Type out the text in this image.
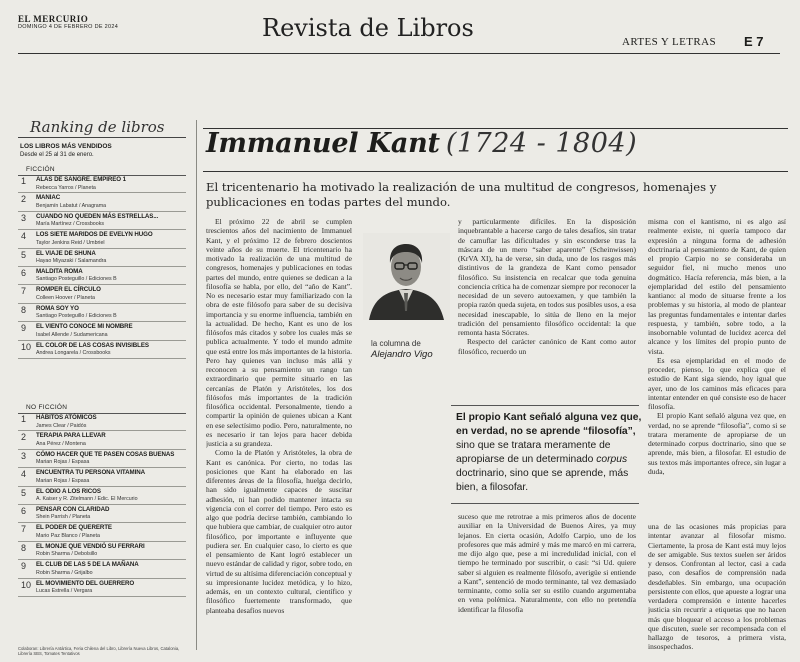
EL MERCURIO
DOMINGO 4 DE FEBRERO DE 2024	Revista de Libros	ARTES Y LETRAS E 7
Ranking de libros
LOS LIBROS MÁS VENDIDOS
Desde el 25 al 31 de enero.
FICCIÓN
1 ALAS DE SANGRE. EMPIREO 1
Rebecca Yarros / Planeta
2 MANIAC
Benjamín Labatut / Anagrama
3 CUANDO NO QUEDEN MÁS ESTRELLAS...
María Martínez / Crossbooks
4 LOS SIETE MARIDOS DE EVELYN HUGO
Taylor Jenkins Reid / Umbriel
5 EL VIAJE DE SHUNA
Hayao Miyazaki / Salamandra
6 MALDITA ROMA
Santiago Posteguillo / Ediciones B
7 ROMPER EL CÍRCULO
Colleen Hoover / Planeta
8 ROMA SOY YO
Santiago Posteguillo / Ediciones B
9 EL VIENTO CONOCE MI NOMBRE
Isabel Allende / Sudamericana
10 EL COLOR DE LAS COSAS INVISIBLES
Andrea Longarela / Crossbooks
NO FICCIÓN
1 HÁBITOS ATÓMICOS
James Clear / Paidós
2 TERAPIA PARA LLEVAR
Ana Pérez / Montena
3 CÓMO HACER QUE TE PASEN COSAS BUENAS
Marian Rojas / Espasa
4 ENCUENTRA TU PERSONA VITAMINA
Marian Rojas / Espasa
5 EL ODIO A LOS RICOS
A. Kaiser y R. Zitelmann / Edic. El Mercurio
6 PENSAR CON CLARIDAD
Shein Parrish / Planeta
7 EL PODER DE QUERERTE
Mario Paz Blanco / Planeta
8 EL MONJE QUE VENDIÓ SU FERRARI
Robin Sharma / Debolsillo
9 EL CLUB DE LAS 5 DE LA MAÑANA
Robin Sharma / Grijalbo
10 EL MOVIMIENTO DEL GUERRERO
Lucas Estrella / Vergara
Colaboran: Librería Antártica, Feria Chilena del Libro, Librería Nueva Libros, Catalonia, Librería SBS, Tomates Tentativos
Immanuel Kant (1724 - 1804)
El tricentenario ha motivado la realización de una multitud de congresos, homenajes y publicaciones en todas partes del mundo.

El próximo 22 de abril se cumplen trescientos años del nacimiento de Immanuel Kant, y el próximo 12 de febrero doscientos veinte años de su muerte. El tricentenario ha motivado la realización de una multitud de congresos, homenajes y publicaciones en todas partes del mundo, entre quienes se dedican a la filosofía se habla, por ello, del “año de Kant”. No es necesario estar muy familiarizado con la obra de este filósofo para saber de su decisiva importancia y su enorme influencia, también en la actualidad. De hecho, Kant es uno de los filósofos más citados y sobre los cuales más se publica actualmente. Y todo el mundo admite que está entre los más importantes de la historia. Pero hay quienes van incluso más allá y reconocen a su pensamiento un rango tan extraordinario que permite situarlo en las cercanías de Platón y Aristóteles, los dos filósofos más importantes de la tradición filosófica occidental. Personalmente, tiendo a compartir la opinión de quienes ubican a Kant en ese selectísimo podio. Pero, naturalmente, no es necesario ir tan lejos para hacer debida justicia a su grandeza.

Como la de Platón y Aristóteles, la obra de Kant es canónica. Por cierto, no todas las posiciones que Kant ha elaborado en las diferentes áreas de la filosofía, huelga decirlo, han sido igualmente capaces de suscitar adhesión, ni han podido mantener intacta su vigencia con el correr del tiempo. Pero esto es algo que podría decirse también, cambiando lo que hubiera que cambiar, de cualquier otro autor filosófico, por importante e influyente que pudiera ser. En cualquier caso, lo cierto es que el pensamiento de Kant logró establecer un nuevo estándar de calidad y rigor, sobre todo, en virtud de su altísima diferenciación conceptual y su impresionante lucidez metódica, y lo hizo, además, en un contexto cultural, científico y filosófico fuertemente transformado, que planteaba desafíos nuevos

y particularmente difíciles. En la disposición inquebrantable a hacerse cargo de tales desafíos, sin tratar de camuflar las dificultades y sin esconderse tras la máscara de un mero “saber aparente” (Scheinwissen) (KrVA XI), ha de verse, sin duda, uno de los rasgos más distintivos de la grandeza de Kant como pensador filosófico. Su insistencia en recalcar que toda genuina conciencia crítica ha de comenzar siempre por reconocer la necesidad de un severo autoexamen, y que también la propia razón queda sujeta, en todos sus posibles usos, a esa necesidad inescapable, lo sitúa de lleno en la mejor tradición del pensamiento filosófico occidental: la que remonta hasta Sócrates.

Respecto del carácter canónico de Kant como autor filosófico, recuerdo un

la columna de
Alejandro Vigo
El propio Kant señaló alguna vez que, en verdad, no se aprende “filosofía”, sino que se tratara meramente de apropiarse de un determinado corpus doctrinario, sino que se aprende, más bien, a filosofar.

suceso que me retrotrae a mis primeros años de docente auxiliar en la Universidad de Buenos Aires, ya muy lejanos. En cierta ocasión, Adolfo Carpio, uno de los profesores que más admiré y más me marcó en mi carrera, me dijo algo que, pese a mi incredulidad inicial, con el tiempo he terminado por suscribir, o casi: “si Ud. quiere saber si alguien es realmente filósofo, averigüe si entiende a Kant”, sentenció de modo terminante, tal vez demasiado terminante, como solía ser su estilo cuando argumentaba en vena polémica. Naturalmente, con ello no pretendía identificar la filosofía

misma con el kantismo, ni es algo así realmente existe, ni quería tampoco dar expresión a ninguna forma de adhesión doctrinaria al pensamiento de Kant, de quien el propio Carpio no se consideraba un seguidor fiel, ni mucho menos uno dogmático. Hacía referencia, más bien, a la ejemplaridad del estilo del pensamiento kantiano: al modo de situarse frente a los problemas y su historia, al modo de plantear las preguntas fundamentales e intentar darles respuesta, y también, sobre todo, a la insobornable voluntad de lucidez acerca del alcance y los límites del propio punto de vista.

Es esa ejemplaridad en el modo de proceder, pienso, lo que explica que el estudio de Kant siga siendo, hoy igual que ayer, uno de los caminos más eficaces para intentar entender en qué consiste eso de hacer filosofía.

El propio Kant señaló alguna vez que, en verdad, no se aprende “filosofía”, como si se tratara meramente de apropiarse de un determinado corpus doctrinario, sino que se aprende, más bien, a filosofar. El estudio de sus textos más importantes ofrece, sin lugar a duda,

una de las ocasiones más propicias para intentar avanzar al filosofar mismo. Ciertamente, la prosa de Kant está muy lejos de ser amigable. Sus textos suelen ser áridos y densos. Confrontan al lector, casi a cada paso, con desafíos de comprensión nada desdeñables. Sin embargo, una ocupación persistente con ellos, que apueste a lograr una verdadera comprensión e intente hacerles justicia sin recurrir a etiquetas que no hacen más que bloquear el acceso a los problemas que discuten, suele ser recompensada con el hallazgo de tesoros, a primera vista, insospechados.
